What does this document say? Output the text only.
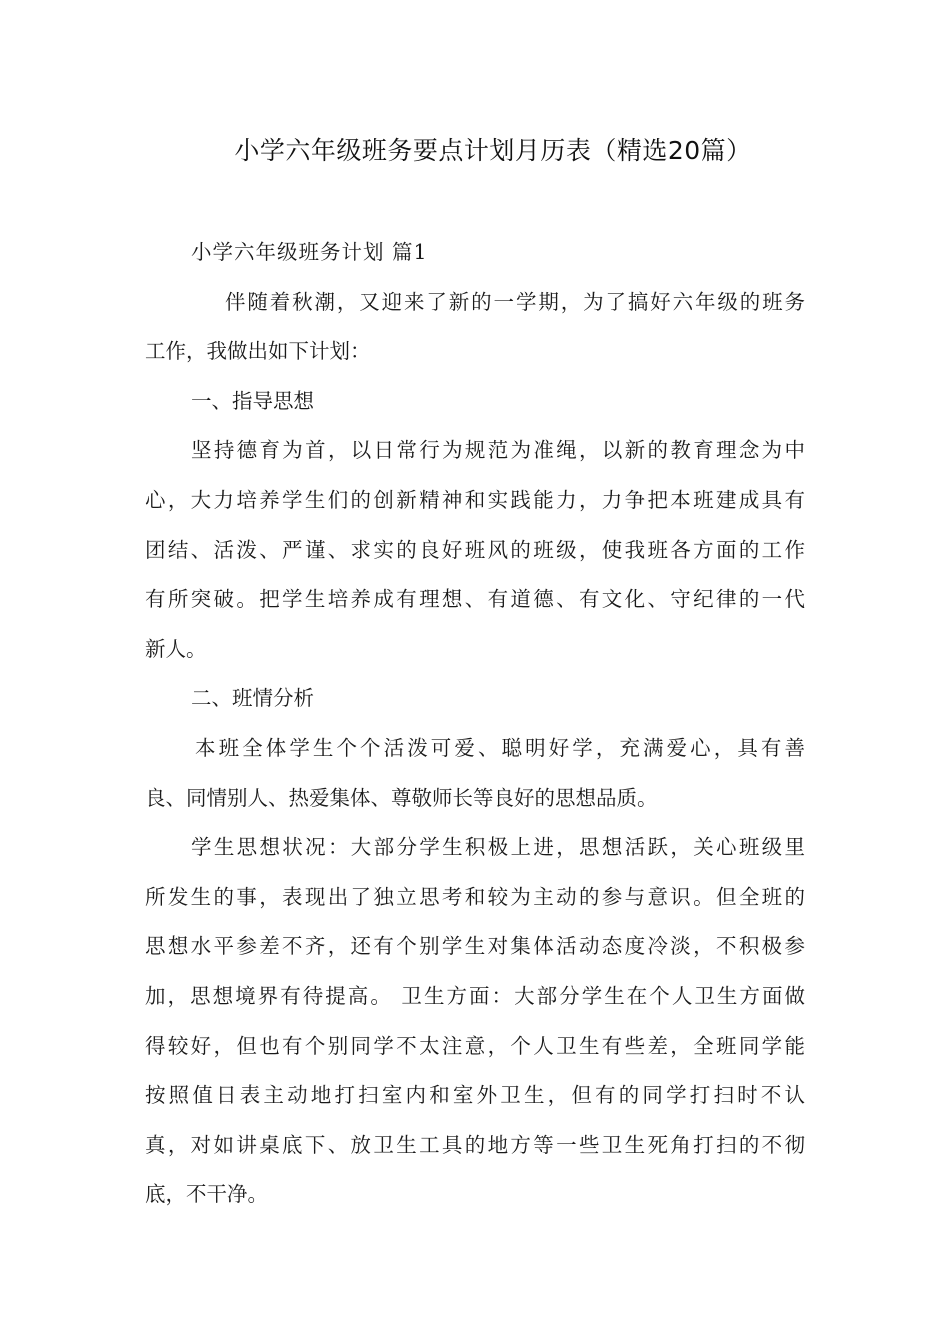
小学六年级班务要点计划月历表（精选20篇）
小学六年级班务计划 篇1
伴随着秋潮，又迎来了新的一学期，为了搞好六年级的班务
工作，我做出如下计划：
一、指导思想
坚持德育为首，以日常行为规范为准绳，以新的教育理念为中
心，大力培养学生们的创新精神和实践能力，力争把本班建成具有
团结、活泼、严谨、求实的良好班风的班级，使我班各方面的工作
有所突破。把学生培养成有理想、有道德、有文化、守纪律的一代
新人。
二、班情分析
本班全体学生个个活泼可爱、聪明好学，充满爱心，具有善
良、同情别人、热爱集体、尊敬师长等良好的思想品质。
学生思想状况：大部分学生积极上进，思想活跃，关心班级里
所发生的事，表现出了独立思考和较为主动的参与意识。但全班的
思想水平参差不齐，还有个别学生对集体活动态度冷淡，不积极参
加，思想境界有待提高。 卫生方面：大部分学生在个人卫生方面做
得较好，但也有个别同学不太注意，个人卫生有些差，全班同学能
按照值日表主动地打扫室内和室外卫生，但有的同学打扫时不认
真，对如讲桌底下、放卫生工具的地方等一些卫生死角打扫的不彻
底，不干净。
